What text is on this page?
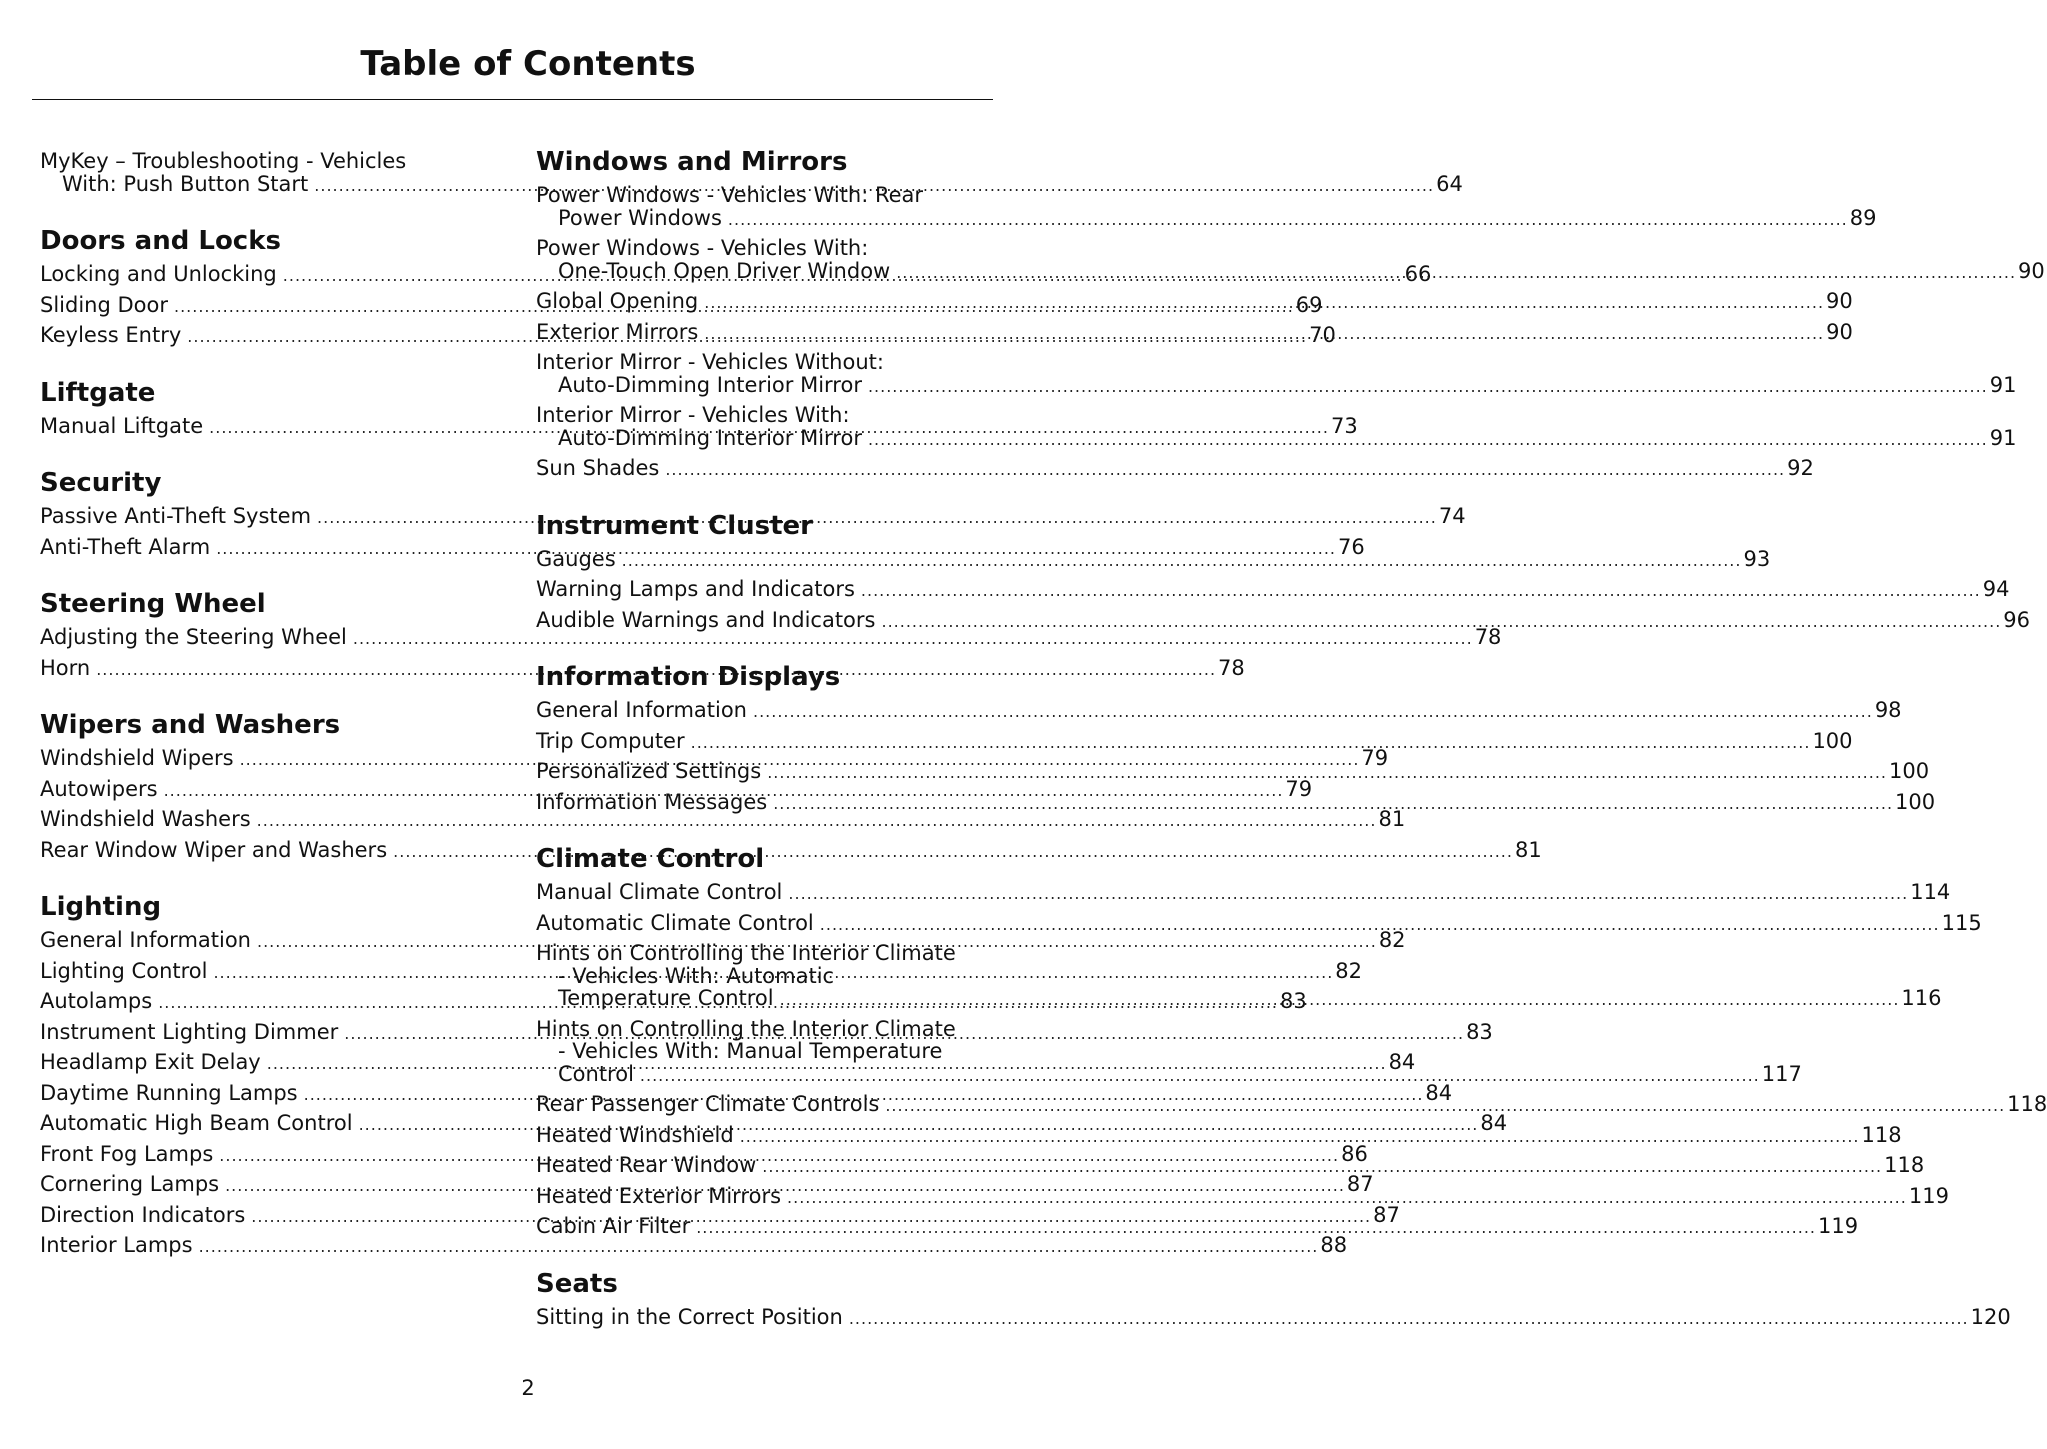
Table of Contents
MyKey – Troubleshooting - Vehicles
With: Push Button Start .....	64
Doors and Locks
Locking and Unlocking .....	66
Sliding Door .....	69
Keyless Entry .....	70
Liftgate
Manual Liftgate .....	73
Security
Passive Anti-Theft System .....	74
Anti-Theft Alarm .....	76
Steering Wheel
Adjusting the Steering Wheel .....	78
Horn .....	78
Wipers and Washers
Windshield Wipers .....	79
Autowipers .....	79
Windshield Washers .....	81
Rear Window Wiper and Washers .....	81
Lighting
General Information .....	82
Lighting Control .....	82
Autolamps .....	83
Instrument Lighting Dimmer .....	83
Headlamp Exit Delay .....	84
Daytime Running Lamps .....	84
Automatic High Beam Control .....	84
Front Fog Lamps .....	86
Cornering Lamps .....	87
Direction Indicators .....	87
Interior Lamps .....	88
Windows and Mirrors
Power Windows - Vehicles With: Rear
Power Windows .....	89
Power Windows - Vehicles With:
One-Touch Open Driver Window .....	90
Global Opening .....	90
Exterior Mirrors .....	90
Interior Mirror - Vehicles Without:
Auto-Dimming Interior Mirror .....	91
Interior Mirror - Vehicles With:
Auto-Dimming Interior Mirror .....	91
Sun Shades .....	92
Instrument Cluster
Gauges .....	93
Warning Lamps and Indicators .....	94
Audible Warnings and Indicators .....	96
Information Displays
General Information .....	98
Trip Computer .....	100
Personalized Settings .....	100
Information Messages .....	100
Climate Control
Manual Climate Control .....	114
Automatic Climate Control .....	115
Hints on Controlling the Interior Climate
- Vehicles With: Automatic
Temperature Control .....	116
Hints on Controlling the Interior Climate
- Vehicles With: Manual Temperature
Control .....	117
Rear Passenger Climate Controls .....	118
Heated Windshield .....	118
Heated Rear Window .....	118
Heated Exterior Mirrors .....	119
Cabin Air Filter .....	119
Seats
Sitting in the Correct Position .....	120
2
